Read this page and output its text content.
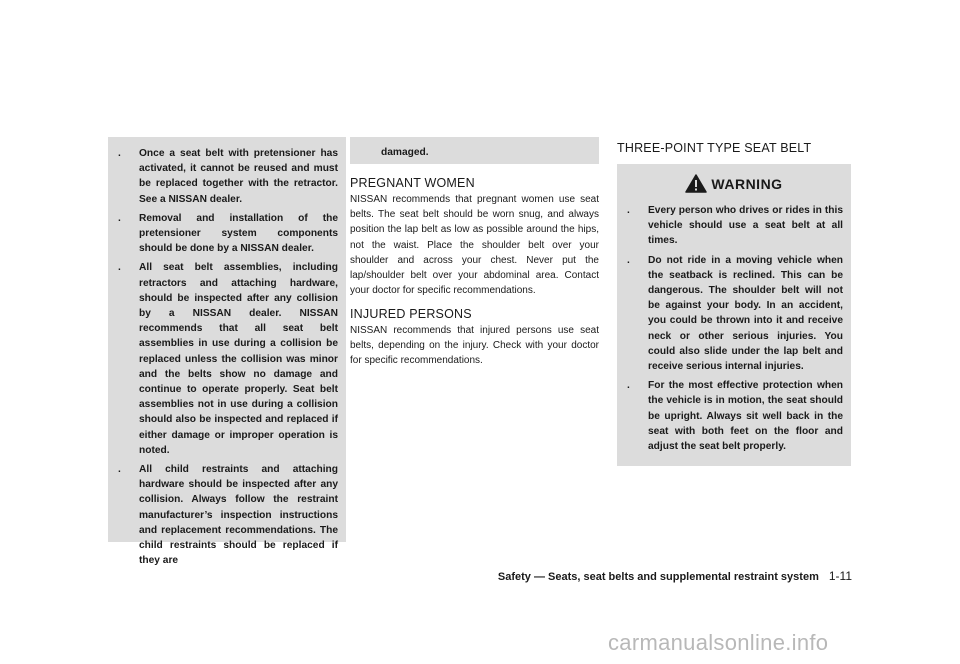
. Once a seat belt with pretensioner has activated, it cannot be reused and must be replaced together with the retractor. See a NISSAN dealer.
. Removal and installation of the pretensioner system components should be done by a NISSAN dealer.
. All seat belt assemblies, including retractors and attaching hardware, should be inspected after any collision by a NISSAN dealer. NISSAN recommends that all seat belt assemblies in use during a collision be replaced unless the collision was minor and the belts show no damage and continue to operate properly. Seat belt assemblies not in use during a collision should also be inspected and replaced if either damage or improper operation is noted.
. All child restraints and attaching hardware should be inspected after any collision. Always follow the restraint manufacturer’s inspection instructions and replacement recommendations. The child restraints should be replaced if they are

damaged.

PREGNANT WOMEN

NISSAN recommends that pregnant women use seat belts. The seat belt should be worn snug, and always position the lap belt as low as possible around the hips, not the waist. Place the shoulder belt over your shoulder and across your chest. Never put the lap/shoulder belt over your abdominal area. Contact your doctor for specific recommendations.

INJURED PERSONS

NISSAN recommends that injured persons use seat belts, depending on the injury. Check with your doctor for specific recommendations.

THREE-POINT TYPE SEAT BELT
WARNING
. Every person who drives or rides in this vehicle should use a seat belt at all times.
. Do not ride in a moving vehicle when the seatback is reclined. This can be dangerous. The shoulder belt will not be against your body. In an accident, you could be thrown into it and receive neck or other serious injuries. You could also slide under the lap belt and receive serious internal injuries.
. For the most effective protection when the vehicle is in motion, the seat should be upright. Always sit well back in the seat with both feet on the floor and adjust the seat belt properly.
Safety — Seats, seat belts and supplemental restraint system 1-11
carmanualsonline.info
